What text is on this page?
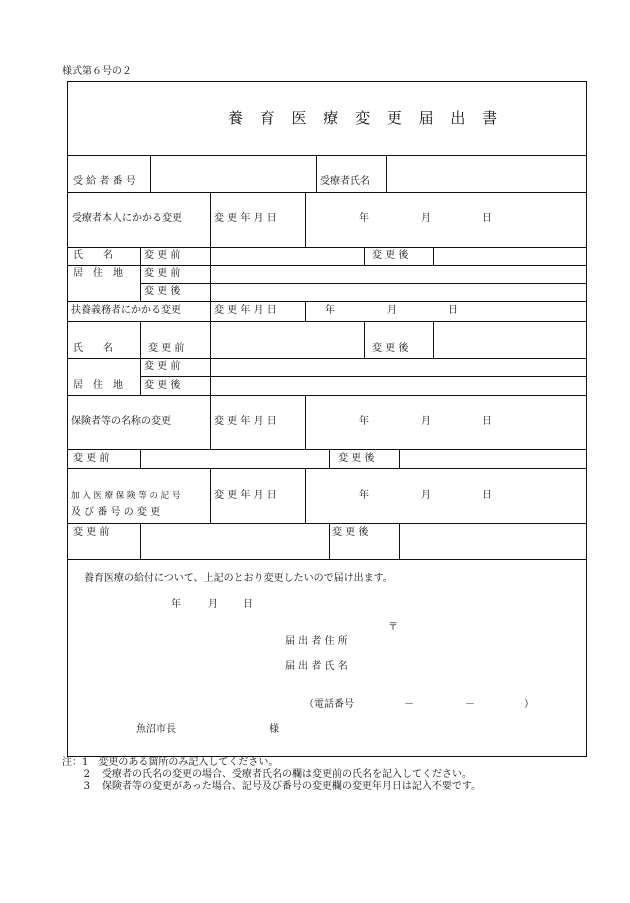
様式第６号の２
養 育 医 療 変 更 届 出 書
受 給 者 番 号	受療者氏名
受療者本人にかかる変更	変 更 年 月 日	年	月	日
氏　　名	変 更 前	変 更 後
居　住　地 変 更 前
変 更 後
扶養義務者にかかる変更	変 更 年 月 日	年	月	日
氏　　名	変 更 前	変 更 後
変 更 前
居　住　地 変 更 後
保険者等の名称の変更	変 更 年 月 日	年	月	日
変 更 前	変 更 後
加 入 医 療 保 険 等 の 記 号
及 び 番 号 の 変 更
変 更 年 月 日	年	月	日
変 更 前	変 更 後
養育医療の給付について、上記のとおり変更したいので届け出ます。
年	月	日
〒
届 出 者 住 所
届 出 者 氏 名
（電話番号	－	－	）
魚沼市長	様
注：1　 変更のある箇所のみ記入してください。
2 受療者の氏名の変更の場合、受療者氏名の欄は変更前の氏名を記入してください。
3 保険者等の変更があった場合、記号及び番号の変更欄の変更年月日は記入不要です。
